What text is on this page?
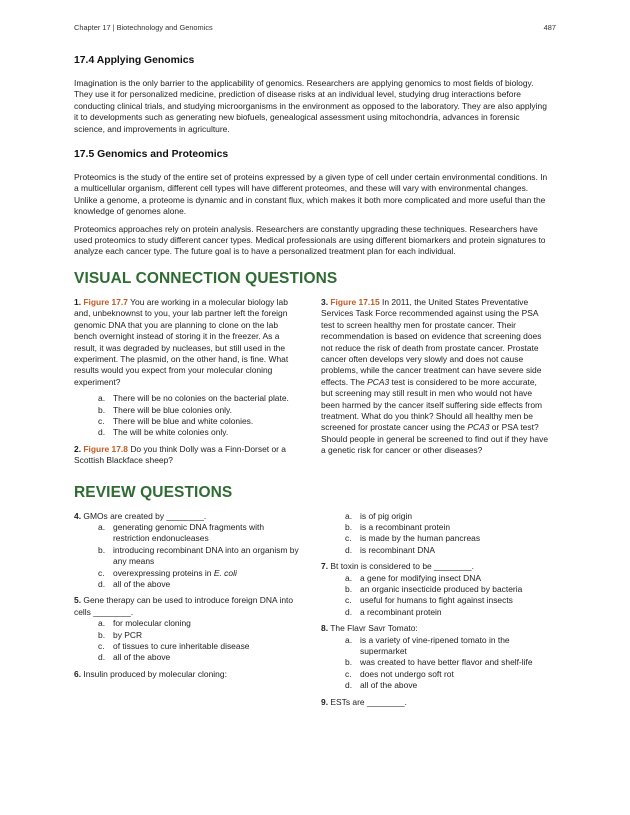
Chapter 17 | Biotechnology and Genomics	487
17.4 Applying Genomics

Imagination is the only barrier to the applicability of genomics. Researchers are applying genomics to most fields of biology. They use it for personalized medicine, prediction of disease risks at an individual level, studying drug interactions before conducting clinical trials, and studying microorganisms in the environment as opposed to the laboratory. They are also applying it to developments such as generating new biofuels, genealogical assessment using mitochondria, advances in forensic science, and improvements in agriculture.

17.5 Genomics and Proteomics

Proteomics is the study of the entire set of proteins expressed by a given type of cell under certain environmental conditions. In a multicellular organism, different cell types will have different proteomes, and these will vary with environmental changes. Unlike a genome, a proteome is dynamic and in constant flux, which makes it both more complicated and more useful than the knowledge of genomes alone.

Proteomics approaches rely on protein analysis. Researchers are constantly upgrading these techniques. Researchers have used proteomics to study different cancer types. Medical professionals are using different biomarkers and protein signatures to analyze each cancer type. The future goal is to have a personalized treatment plan for each individual.

VISUAL CONNECTION QUESTIONS
1. Figure 17.7 You are working in a molecular biology lab and, unbeknownst to you, your lab partner left the foreign genomic DNA that you are planning to clone on the lab bench overnight instead of storing it in the freezer. As a result, it was degraded by nucleases, but still used in the experiment. The plasmid, on the other hand, is fine. What results would you expect from your molecular cloning experiment?
a. There will be no colonies on the bacterial plate.
b. There will be blue colonies only.
c. There will be blue and white colonies.
d. The will be white colonies only.
2. Figure 17.8 Do you think Dolly was a Finn-Dorset or a Scottish Blackface sheep?
3. Figure 17.15 In 2011, the United States Preventative Services Task Force recommended against using the PSA test to screen healthy men for prostate cancer. Their recommendation is based on evidence that screening does not reduce the risk of death from prostate cancer. Prostate cancer often develops very slowly and does not cause problems, while the cancer treatment can have severe side effects. The PCA3 test is considered to be more accurate, but screening may still result in men who would not have been harmed by the cancer itself suffering side effects from treatment. What do you think? Should all healthy men be screened for prostate cancer using the PCA3 or PSA test? Should people in general be screened to find out if they have a genetic risk for cancer or other diseases?
REVIEW QUESTIONS
4. GMOs are created by ________.
a. generating genomic DNA fragments with restriction endonucleases
b. introducing recombinant DNA into an organism by any means
c. overexpressing proteins in E. coli
d. all of the above
5. Gene therapy can be used to introduce foreign DNA into cells ________.
a. for molecular cloning
b. by PCR
c. of tissues to cure inheritable disease
d. all of the above
6. Insulin produced by molecular cloning:
a. is of pig origin
b. is a recombinant protein
c. is made by the human pancreas
d. is recombinant DNA
7. Bt toxin is considered to be ________.
a. a gene for modifying insect DNA
b. an organic insecticide produced by bacteria
c. useful for humans to fight against insects
d. a recombinant protein
8. The Flavr Savr Tomato:
a. is a variety of vine-ripened tomato in the supermarket
b. was created to have better flavor and shelf-life
c. does not undergo soft rot
d. all of the above
9. ESTs are ________.
